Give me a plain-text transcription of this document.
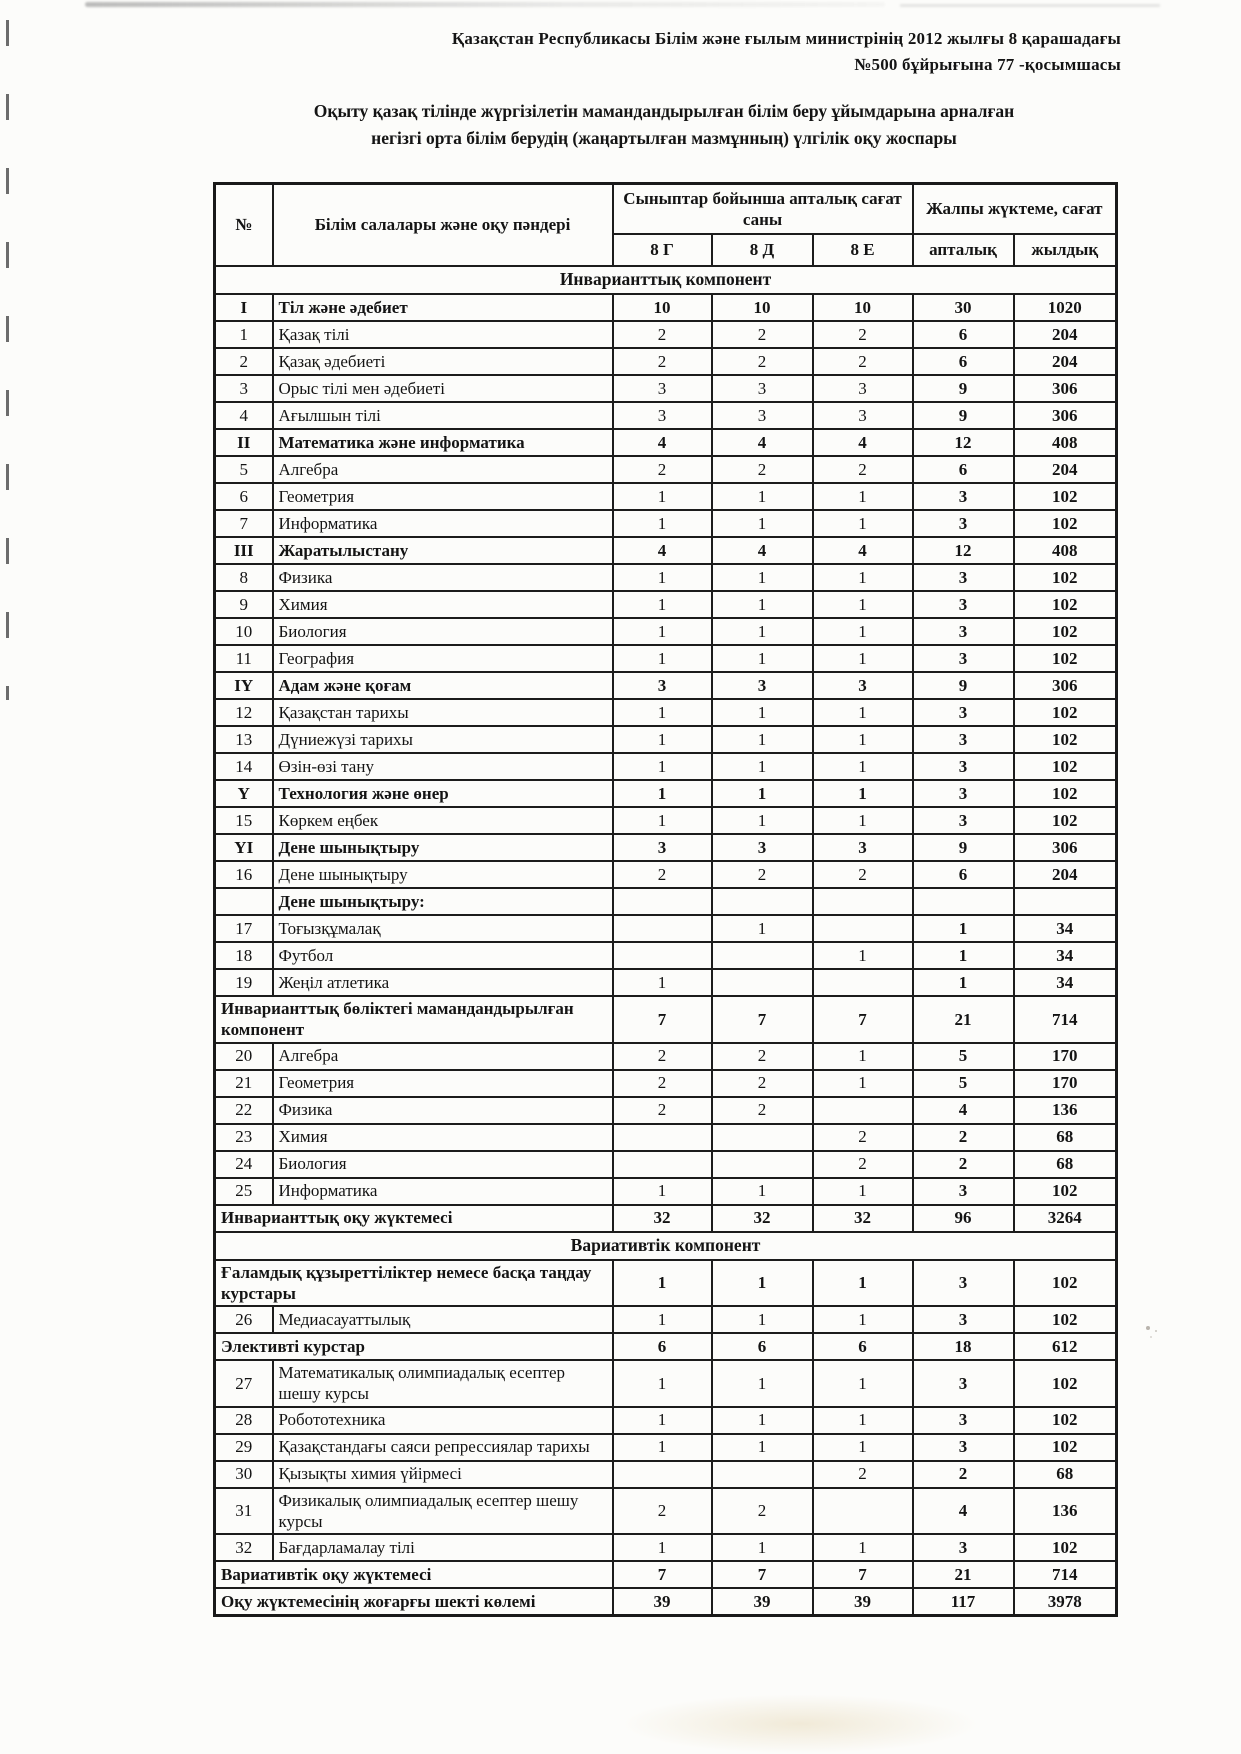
Қазақстан Республикасы Білім және ғылым министрінің 2012 жылғы 8 қарашадағы
№500 бұйрығына 77 -қосымшасы
Оқыту қазақ тілінде жүргізілетін мамандандырылған білім беру ұйымдарына арналған
негізгі орта білім берудің (жаңартылған мазмұнның) үлгілік оқу жоспары
№	Білім салалары және оқу пәндері	Сыныптар бойынша апталық сағат саны			Жалпы жүктеме, сағат	
		8 Г	8 Д	8 Е	апталық	жылдық
Инварианттық компонент						
I	Тіл және әдебиет	10	10	10	30	1020
1	Қазақ тілі	2	2	2	6	204
2	Қазақ әдебиеті	2	2	2	6	204
3	Орыс тілі мен әдебиеті	3	3	3	9	306
4	Ағылшын тілі	3	3	3	9	306
II	Математика және информатика	4	4	4	12	408
5	Алгебра	2	2	2	6	204
6	Геометрия	1	1	1	3	102
7	Информатика	1	1	1	3	102
III	Жаратылыстану	4	4	4	12	408
8	Физика	1	1	1	3	102
9	Химия	1	1	1	3	102
10	Биология	1	1	1	3	102
11	География	1	1	1	3	102
IY	Адам және қоғам	3	3	3	9	306
12	Қазақстан тарихы	1	1	1	3	102
13	Дүниежүзі тарихы	1	1	1	3	102
14	Өзін-өзі тану	1	1	1	3	102
Y	Технология және өнер	1	1	1	3	102
15	Көркем еңбек	1	1	1	3	102
YI	Дене шынықтыру	3	3	3	9	306
16	Дене шынықтыру	2	2	2	6	204
	Дене шынықтыру:					
17	Тоғызқұмалақ		1		1	34
18	Футбол			1	1	34
19	Жеңіл атлетика	1			1	34
Инварианттық бөліктегі мамандандырылған компонент		7	7	7	21	714
20	Алгебра	2	2	1	5	170
21	Геометрия	2	2	1	5	170
22	Физика	2	2		4	136
23	Химия			2	2	68
24	Биология			2	2	68
25	Информатика	1	1	1	3	102
Инварианттық оқу жүктемесі		32	32	32	96	3264
Вариативтік компонент						
Ғаламдық құзыреттіліктер немесе басқа таңдау курстары		1	1	1	3	102
26	Медиасауаттылық	1	1	1	3	102
Элективті курстар		6	6	6	18	612
27	Математикалық олимпиадалық есептер шешу курсы	1	1	1	3	102
28	Робототехника	1	1	1	3	102
29	Қазақстандағы саяси репрессиялар тарихы	1	1	1	3	102
30	Қызықты химия үйірмесі			2	2	68
31	Физикалық олимпиадалық есептер шешу курсы	2	2		4	136
32	Бағдарламалау тілі	1	1	1	3	102
Вариативтік оқу жүктемесі		7	7	7	21	714
Оқу жүктемесінің жоғарғы шекті көлемі		39	39	39	117	3978
